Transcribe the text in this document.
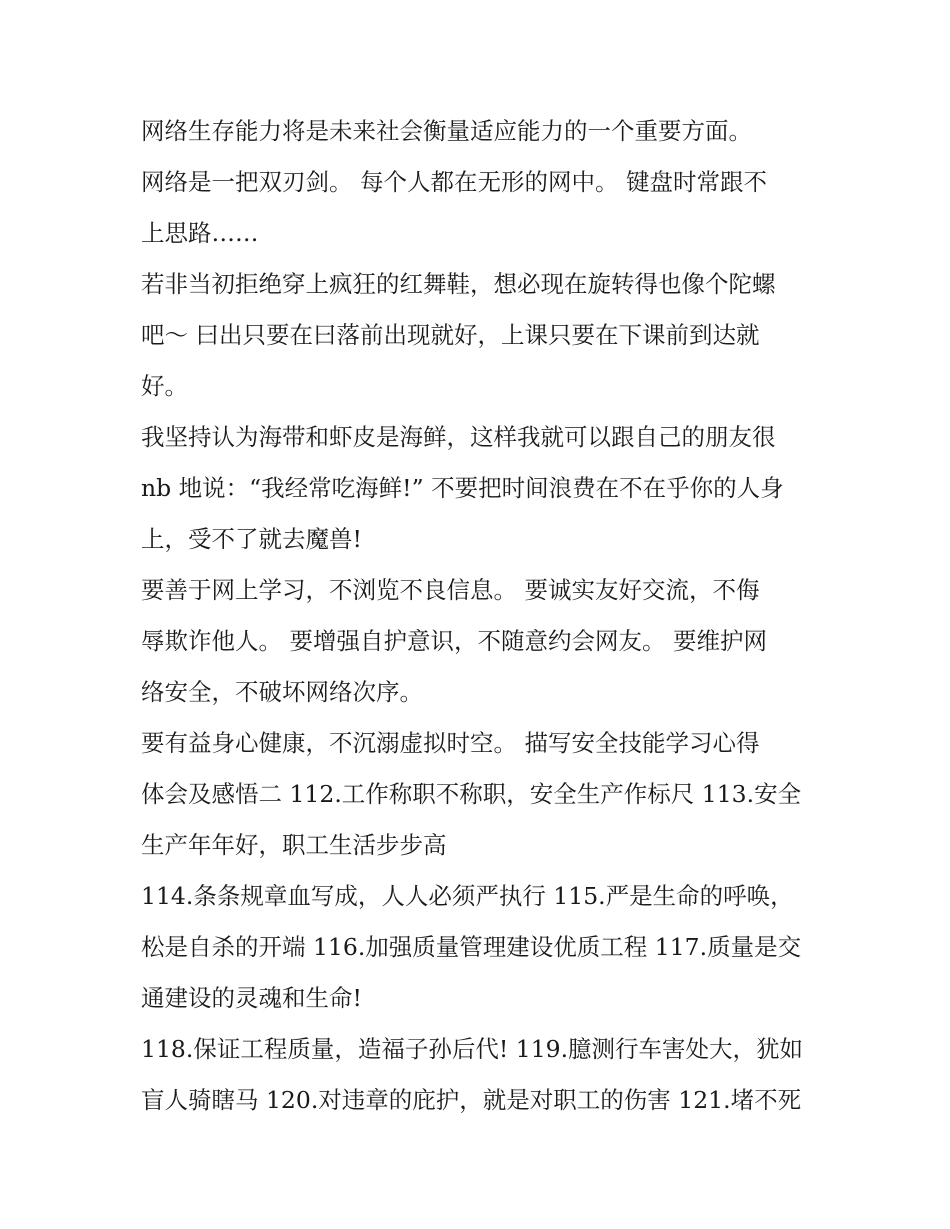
网络生存能力将是未来社会衡量适应能力的一个重要方面。
网络是一把双刃剑。 每个人都在无形的网中。 键盘时常跟不
上思路……
若非当初拒绝穿上疯狂的红舞鞋，想必现在旋转得也像个陀螺
吧～ 曰出只要在曰落前出现就好，上课只要在下课前到达就
好。
我坚持认为海带和虾皮是海鲜，这样我就可以跟自己的朋友很
nb 地说：“我经常吃海鲜!” 不要把时间浪费在不在乎你的人身
上，受不了就去魔兽!
要善于网上学习，不浏览不良信息。 要诚实友好交流，不侮
辱欺诈他人。 要增强自护意识，不随意约会网友。 要维护网
络安全，不破坏网络次序。
要有益身心健康，不沉溺虚拟时空。 描写安全技能学习心得
体会及感悟二 112.工作称职不称职，安全生产作标尺 113.安全
生产年年好，职工生活步步高
114.条条规章血写成，人人必须严执行 115.严是生命的呼唤，
松是自杀的开端 116.加强质量管理建设优质工程 117.质量是交
通建设的灵魂和生命!
118.保证工程质量，造福子孙后代! 119.臆测行车害处大，犹如
盲人骑瞎马 120.对违章的庇护，就是对职工的伤害 121.堵不死
